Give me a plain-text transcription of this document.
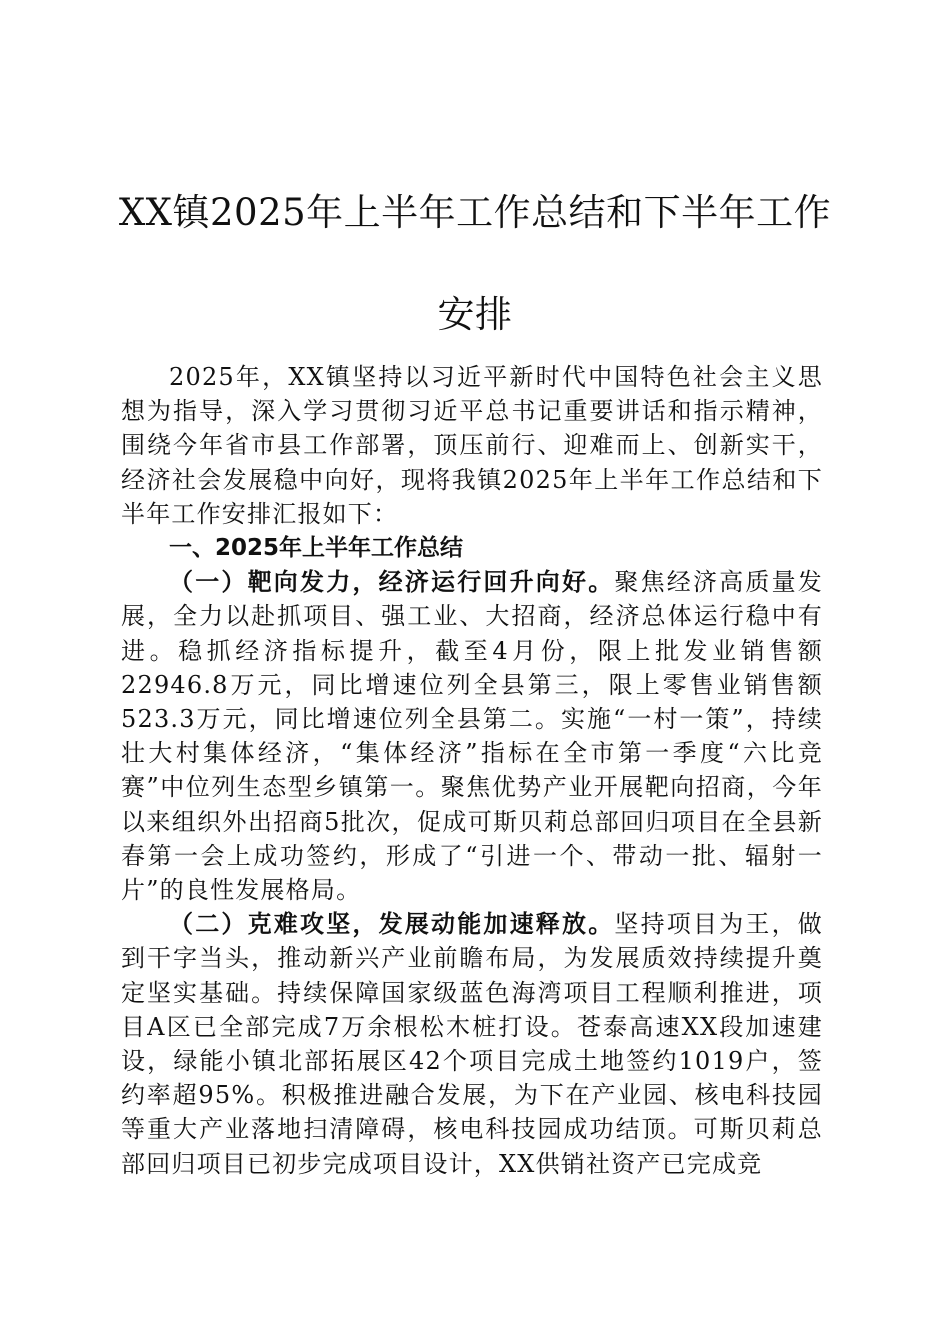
XX镇2025年上半年工作总结和下半年工作安排

2025年，XX镇坚持以习近平新时代中国特色社会主义思想为指导，深入学习贯彻习近平总书记重要讲话和指示精神，围绕今年省市县工作部署，顶压前行、迎难而上、创新实干，经济社会发展稳中向好，现将我镇2025年上半年工作总结和下半年工作安排汇报如下：

一、2025年上半年工作总结

（一）靶向发力，经济运行回升向好。聚焦经济高质量发展，全力以赴抓项目、强工业、大招商，经济总体运行稳中有进。稳抓经济指标提升，截至4月份，限上批发业销售额22946.8万元，同比增速位列全县第三，限上零售业销售额523.3万元，同比增速位列全县第二。实施“一村一策”，持续壮大村集体经济，“集体经济”指标在全市第一季度“六比竞赛”中位列生态型乡镇第一。聚焦优势产业开展靶向招商，今年以来组织外出招商5批次，促成可斯贝莉总部回归项目在全县新春第一会上成功签约，形成了“引进一个、带动一批、辐射一片”的良性发展格局。

（二）克难攻坚，发展动能加速释放。坚持项目为王，做到干字当头，推动新兴产业前瞻布局，为发展质效持续提升奠定坚实基础。持续保障国家级蓝色海湾项目工程顺利推进，项目A区已全部完成7万余根松木桩打设。苍泰高速XX段加速建设，绿能小镇北部拓展区42个项目完成土地签约1019户，签约率超95%。积极推进融合发展，为下在产业园、核电科技园等重大产业落地扫清障碍，核电科技园成功结顶。可斯贝莉总部回归项目已初步完成项目设计，XX供销社资产已完成竞
